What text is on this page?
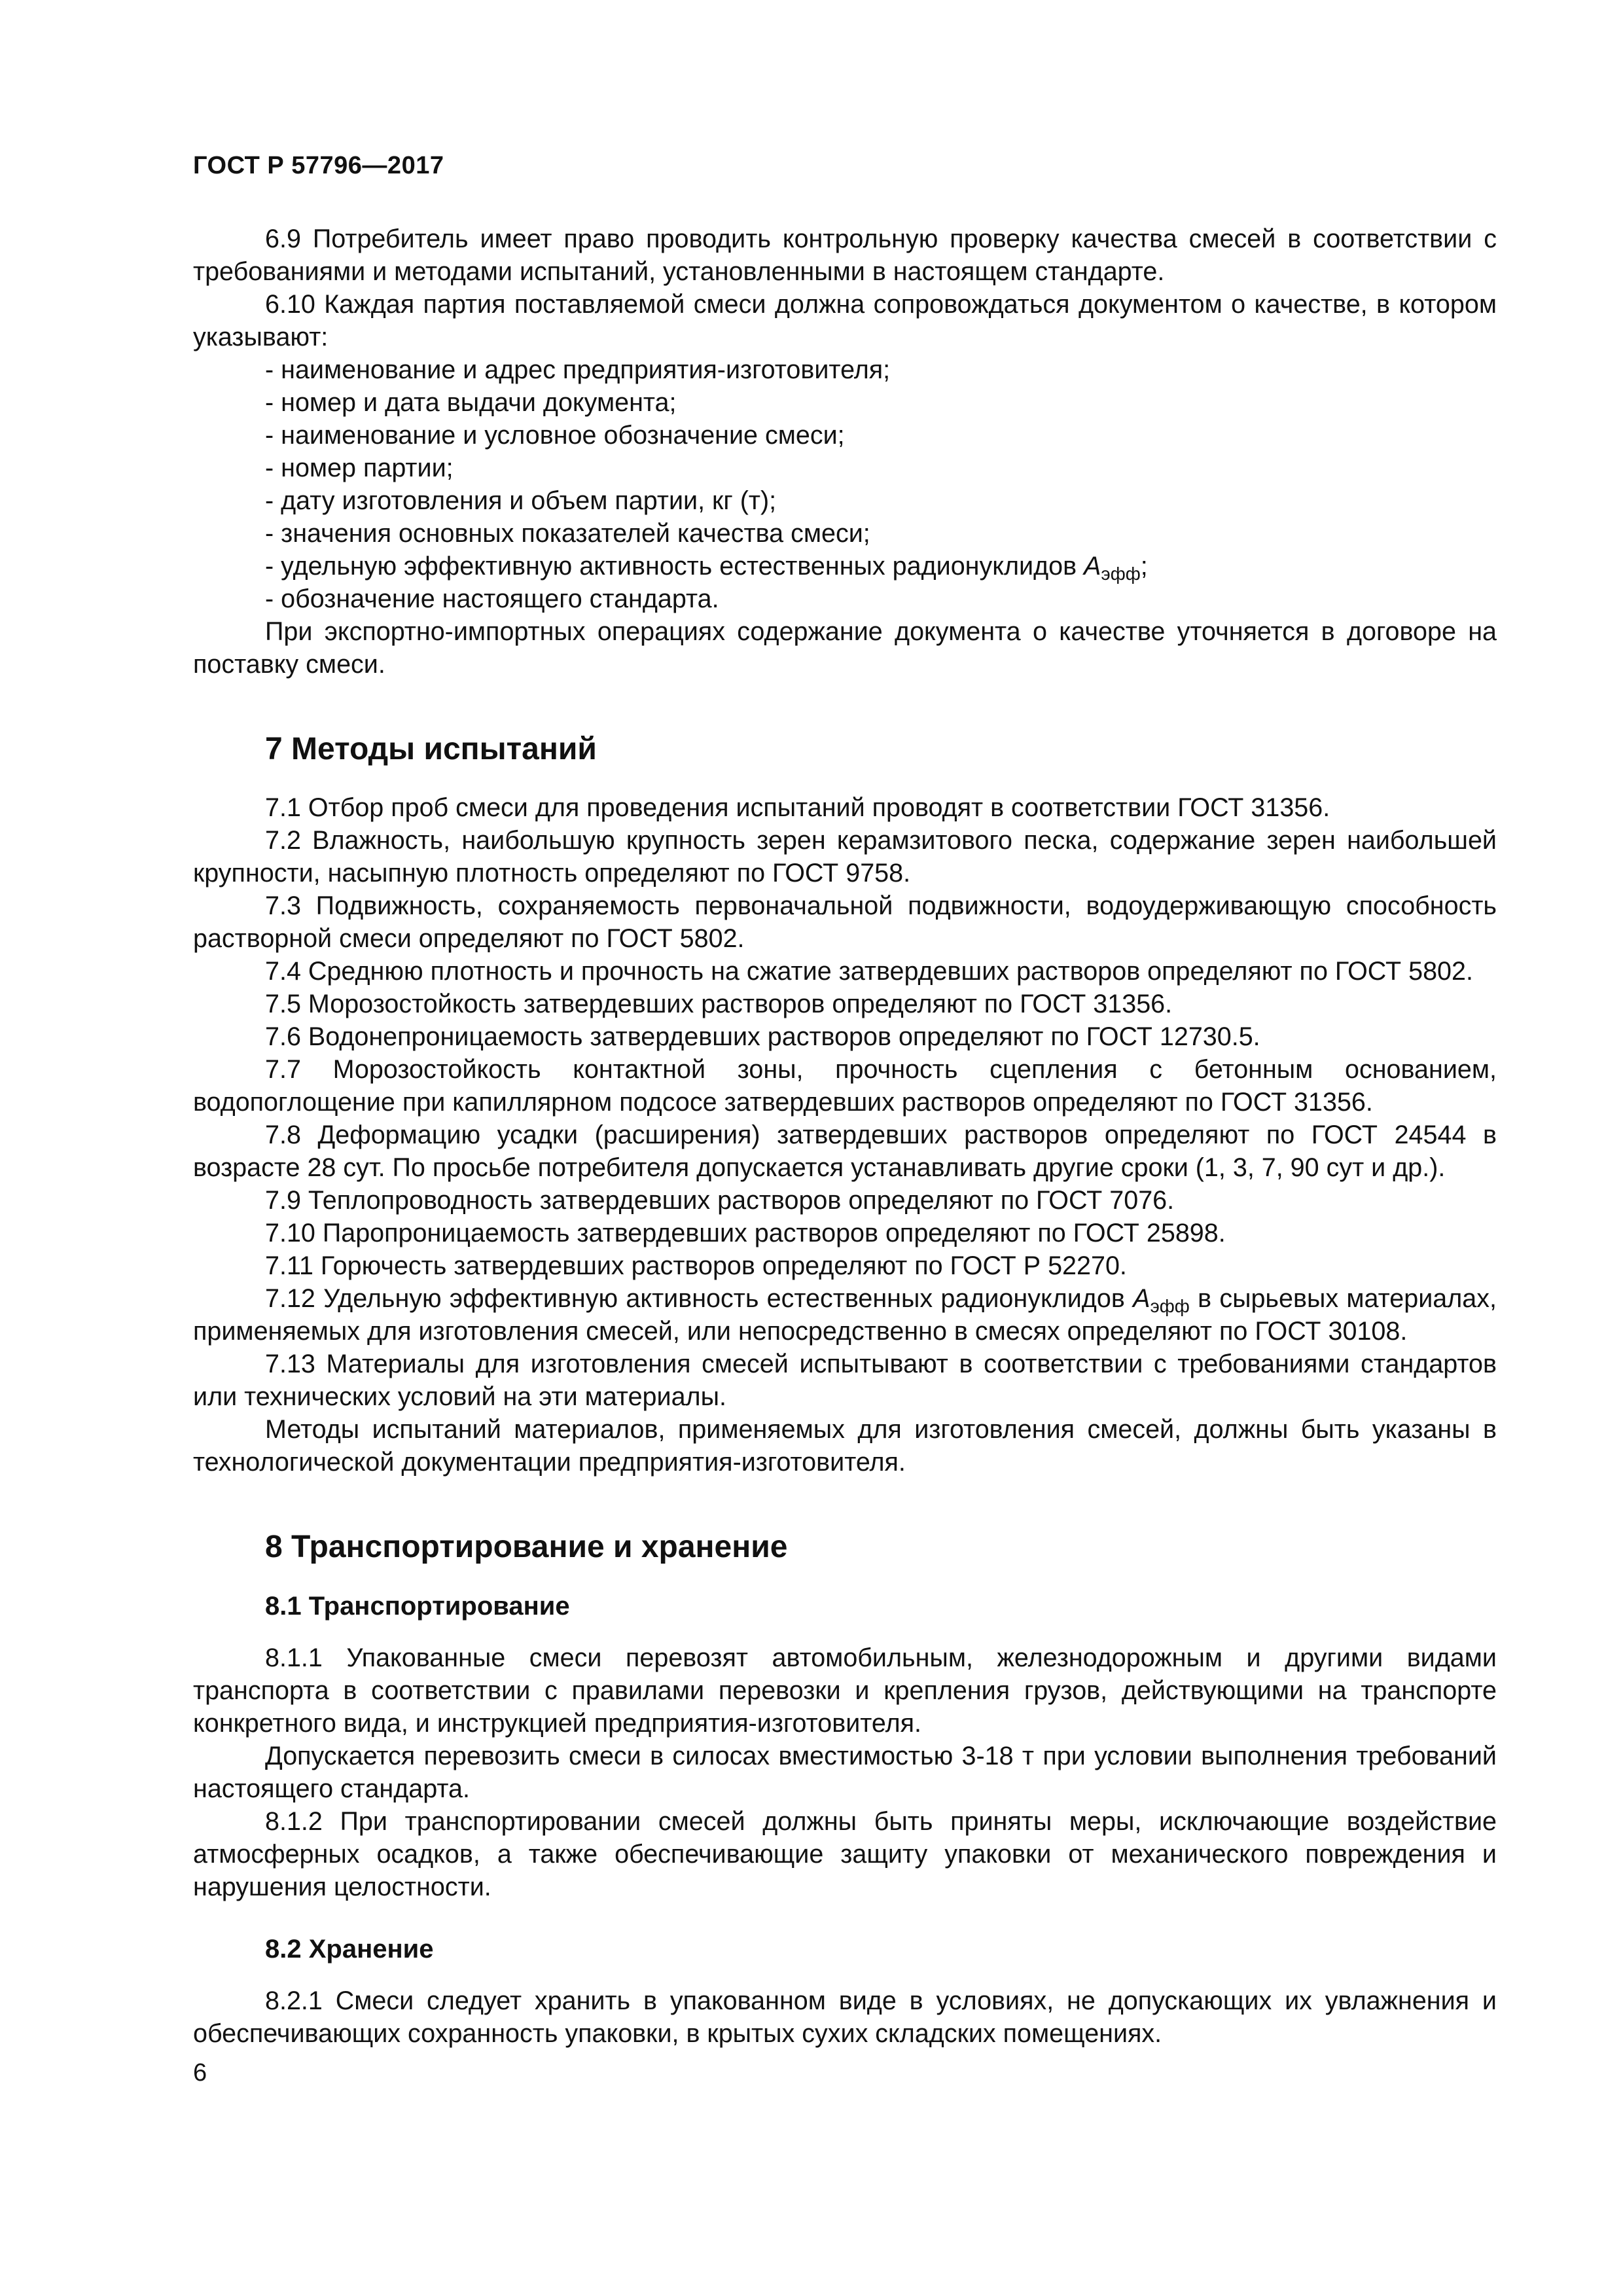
ГОСТ Р 57796—2017

6.9 Потребитель имеет право проводить контрольную проверку качества смесей в соответствии с требованиями и методами испытаний, установленными в настоящем стандарте.

6.10 Каждая партия поставляемой смеси должна сопровождаться документом о качестве, в котором указывают:

- наименование и адрес предприятия-изготовителя;

- номер и дата выдачи документа;

- наименование и условное обозначение смеси;

- номер партии;

- дату изготовления и объем партии, кг (т);

- значения основных показателей качества смеси;

- удельную эффективную активность естественных радионуклидов $A_{эфф}$;

- обозначение настоящего стандарта.

При экспортно-импортных операциях содержание документа о качестве уточняется в договоре на поставку смеси.

7 Методы испытаний

7.1 Отбор проб смеси для проведения испытаний проводят в соответствии ГОСТ 31356.

7.2 Влажность, наибольшую крупность зерен керамзитового песка, содержание зерен наибольшей крупности, насыпную плотность определяют по ГОСТ 9758.

7.3 Подвижность, сохраняемость первоначальной подвижности, водоудерживающую способность растворной смеси определяют по ГОСТ 5802.

7.4 Среднюю плотность и прочность на сжатие затвердевших растворов определяют по ГОСТ 5802.

7.5 Морозостойкость затвердевших растворов определяют по ГОСТ 31356.

7.6 Водонепроницаемость затвердевших растворов определяют по ГОСТ 12730.5.

7.7 Морозостойкость контактной зоны, прочность сцепления с бетонным основанием, водопоглощение при капиллярном подсосе затвердевших растворов определяют по ГОСТ 31356.

7.8 Деформацию усадки (расширения) затвердевших растворов определяют по ГОСТ 24544 в возрасте 28 сут. По просьбе потребителя допускается устанавливать другие сроки (1, 3, 7, 90 сут и др.).

7.9 Теплопроводность затвердевших растворов определяют по ГОСТ 7076.

7.10 Паропроницаемость затвердевших растворов определяют по ГОСТ 25898.

7.11 Горючесть затвердевших растворов определяют по ГОСТ Р 52270.

7.12 Удельную эффективную активность естественных радионуклидов $A_{эфф}$ в сырьевых материалах, применяемых для изготовления смесей, или непосредственно в смесях определяют по ГОСТ 30108.

7.13 Материалы для изготовления смесей испытывают в соответствии с требованиями стандартов или технических условий на эти материалы.

Методы испытаний материалов, применяемых для изготовления смесей, должны быть указаны в технологической документации предприятия-изготовителя.

8 Транспортирование и хранение
8.1 Транспортирование

8.1.1 Упакованные смеси перевозят автомобильным, железнодорожным и другими видами транспорта в соответствии с правилами перевозки и крепления грузов, действующими на транспорте конкретного вида, и инструкцией предприятия-изготовителя.

Допускается перевозить смеси в силосах вместимостью 3-18 т при условии выполнения требований настоящего стандарта.

8.1.2 При транспортировании смесей должны быть приняты меры, исключающие воздействие атмосферных осадков, а также обеспечивающие защиту упаковки от механического повреждения и нарушения целостности.

8.2 Хранение

8.2.1 Смеси следует хранить в упакованном виде в условиях, не допускающих их увлажнения и обеспечивающих сохранность упаковки, в крытых сухих складских помещениях.

6
